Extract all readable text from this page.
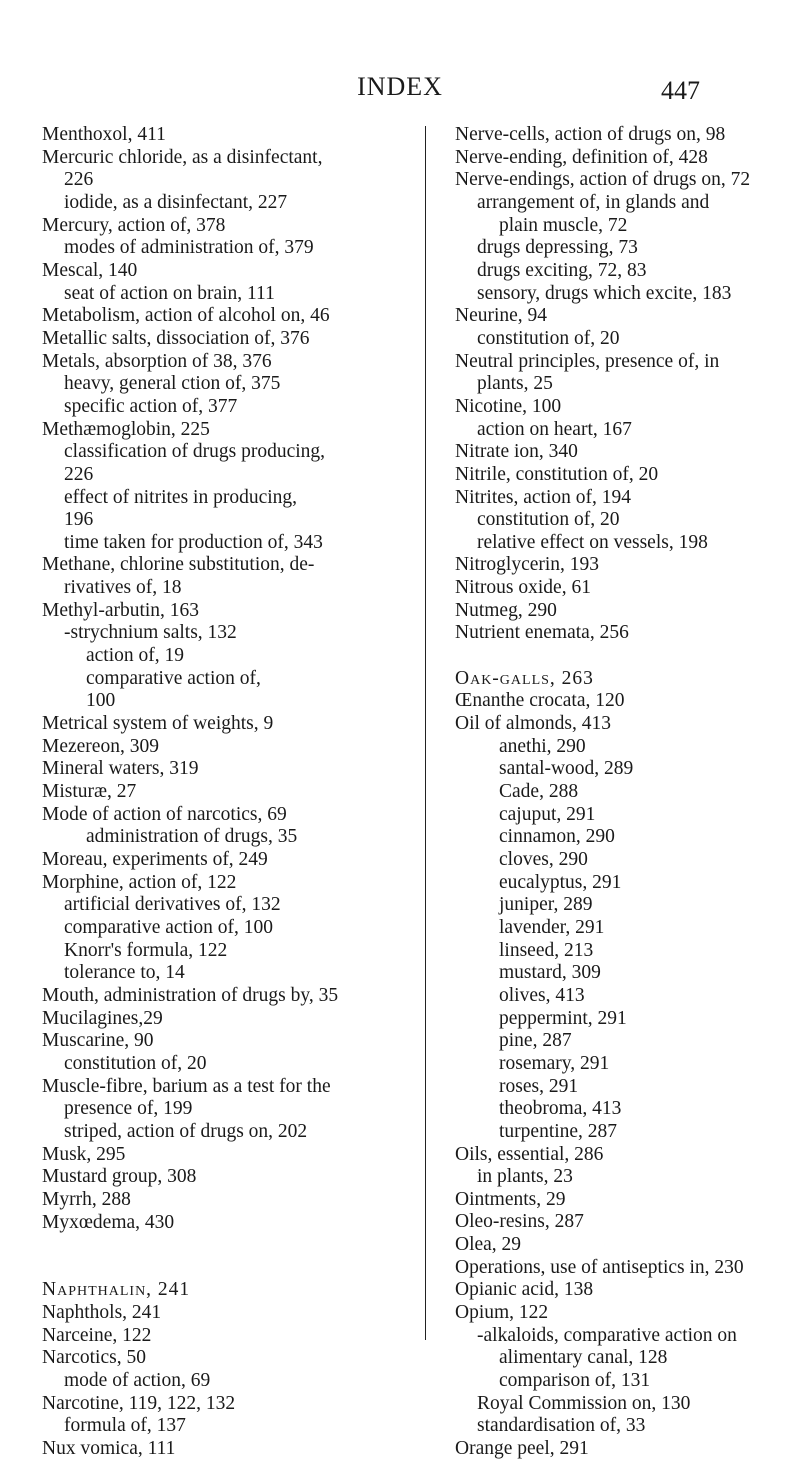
INDEX	447
Menthoxol, 411
Mercuric chloride, as a disinfectant,
226
iodide, as a disinfectant, 227
Mercury, action of, 378
modes of administration of, 379
Mescal, 140
seat of action on brain, 111
Metabolism, action of alcohol on, 46
Metallic salts, dissociation of, 376
Metals, absorption of 38, 376
heavy, general ction of, 375
specific action of, 377
Methæmoglobin, 225
classification of drugs producing,
226
effect of nitrites in producing,
196
time taken for production of, 343
Methane, chlorine substitution, de-
rivatives of, 18
Methyl-arbutin, 163
-strychnium salts, 132
action of, 19
comparative action of,
100
Metrical system of weights, 9
Mezereon, 309
Mineral waters, 319
Misturæ, 27
Mode of action of narcotics, 69
administration of drugs, 35
Moreau, experiments of, 249
Morphine, action of, 122
artificial derivatives of, 132
comparative action of, 100
Knorr's formula, 122
tolerance to, 14
Mouth, administration of drugs by, 35
Mucilagines,29
Muscarine, 90
constitution of, 20
Muscle-fibre, barium as a test for the
presence of, 199
striped, action of drugs on, 202
Musk, 295
Mustard group, 308
Myrrh, 288
Myxœdema, 430
Naphthalin, 241
Naphthols, 241
Narceine, 122
Narcotics, 50
mode of action, 69
Narcotine, 119, 122, 132
formula of, 137
Nux vomica, 111
Nerve-cells, action of drugs on, 98
Nerve-ending, definition of, 428
Nerve-endings, action of drugs on, 72
arrangement of, in glands and
plain muscle, 72
drugs depressing, 73
drugs exciting, 72, 83
sensory, drugs which excite, 183
Neurine, 94
constitution of, 20
Neutral principles, presence of, in
plants, 25
Nicotine, 100
action on heart, 167
Nitrate ion, 340
Nitrile, constitution of, 20
Nitrites, action of, 194
constitution of, 20
relative effect on vessels, 198
Nitroglycerin, 193
Nitrous oxide, 61
Nutmeg, 290
Nutrient enemata, 256
Oak-galls, 263
Œnanthe crocata, 120
Oil of almonds, 413
anethi, 290
santal-wood, 289
Cade, 288
cajuput, 291
cinnamon, 290
cloves, 290
eucalyptus, 291
juniper, 289
lavender, 291
linseed, 213
mustard, 309
olives, 413
peppermint, 291
pine, 287
rosemary, 291
roses, 291
theobroma, 413
turpentine, 287
Oils, essential, 286
in plants, 23
Ointments, 29
Oleo-resins, 287
Olea, 29
Operations, use of antiseptics in, 230
Opianic acid, 138
Opium, 122
-alkaloids, comparative action on
alimentary canal, 128
comparison of, 131
Royal Commission on, 130
standardisation of, 33
Orange peel, 291
